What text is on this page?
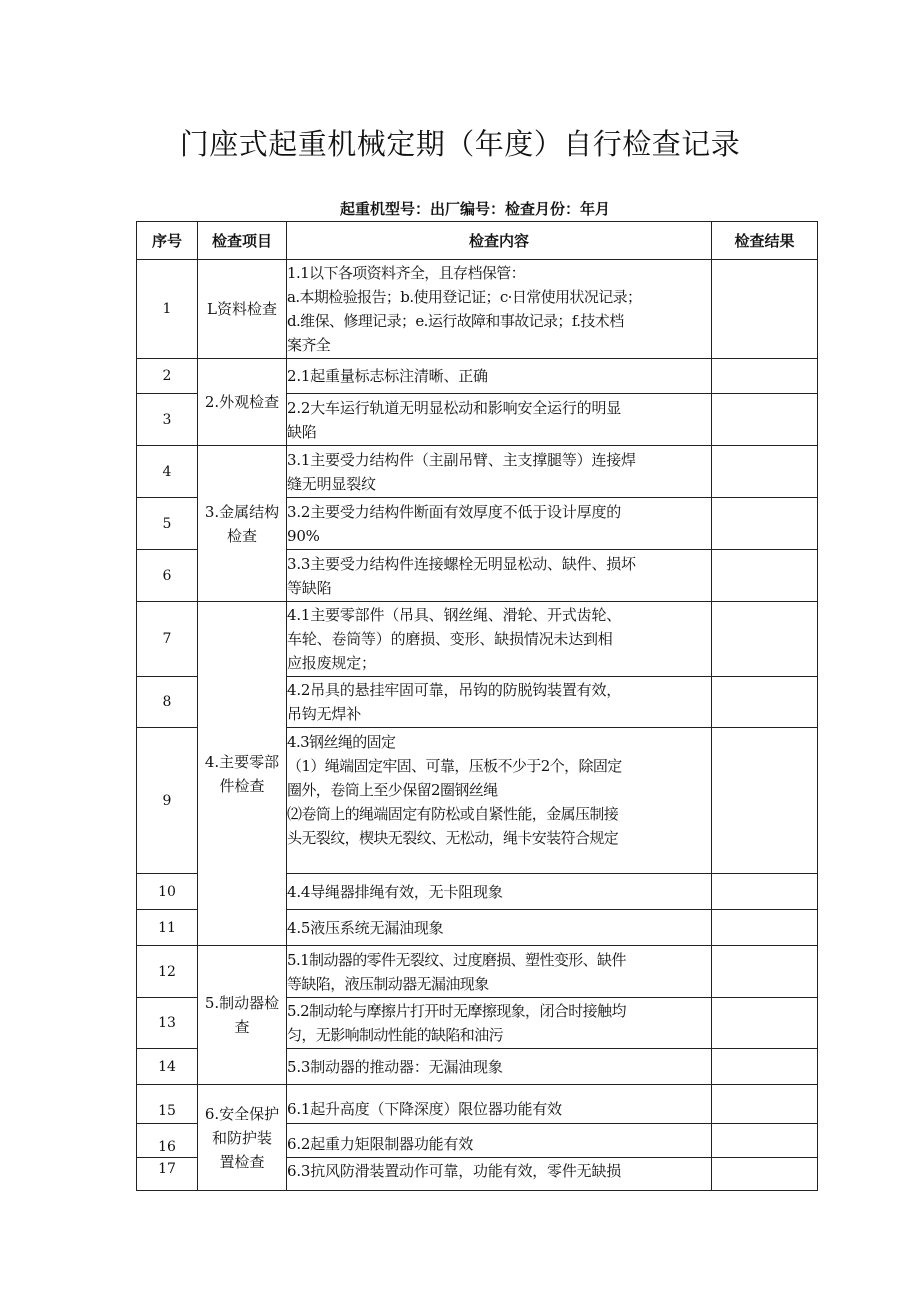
门座式起重机械定期（年度）自行检查记录
起重机型号：出厂编号：检查月份：年月
序号	检查项目	检查内容	检查结果
1	L资料检查	1.1以下各项资料齐全，且存档保管：
a.本期检验报告；b.使用登记证；c·日常使用状况记录；
d.维保、修理记录；e.运行故障和事故记录；f.技术档
案齐全	

2	2.外观检查	2.1起重量标志标注清晰、正确	

3		2.2大车运行轨道无明显松动和影响安全运行的明显
缺陷	

4	3.金属结构
检查	3.1主要受力结构件（主副吊臂、主支撑腿等）连接焊
缝无明显裂纹	

5		3.2主要受力结构件断面有效厚度不低于设计厚度的
90%	

6		3.3主要受力结构件连接螺栓无明显松动、缺件、损坏
等缺陷	

7	4.主要零部
件检查	4.1主要零部件（吊具、钢丝绳、滑轮、开式齿轮、
车轮、卷筒等）的磨损、变形、缺损情况未达到相
应报废规定；	

8		4.2吊具的悬挂牢固可靠，吊钩的防脱钩装置有效，
吊钩无焊补	

9		4.3钢丝绳的固定
（1）绳端固定牢固、可靠，压板不少于2个，除固定
圈外，卷筒上至少保留2圈钢丝绳
⑵卷筒上的绳端固定有防松或自紧性能，金属压制接
头无裂纹，楔块无裂纹、无松动，绳卡安装符合规定	

10		4.4导绳器排绳有效，无卡阻现象	

11		4.5液压系统无漏油现象	

12	5.制动器检
查	5.1制动器的零件无裂纹、过度磨损、塑性变形、缺件
等缺陷，液压制动器无漏油现象	

13		5.2制动轮与摩擦片打开时无摩擦现象，闭合时接触均
匀，无影响制动性能的缺陷和油污	

14		5.3制动器的推动器：无漏油现象	

15	6.安全保护
和防护装
置检查	6.1起升高度（下降深度）限位器功能有效	

16		6.2起重力矩限制器功能有效	

17		6.3抗风防滑装置动作可靠，功能有效，零件无缺损	
